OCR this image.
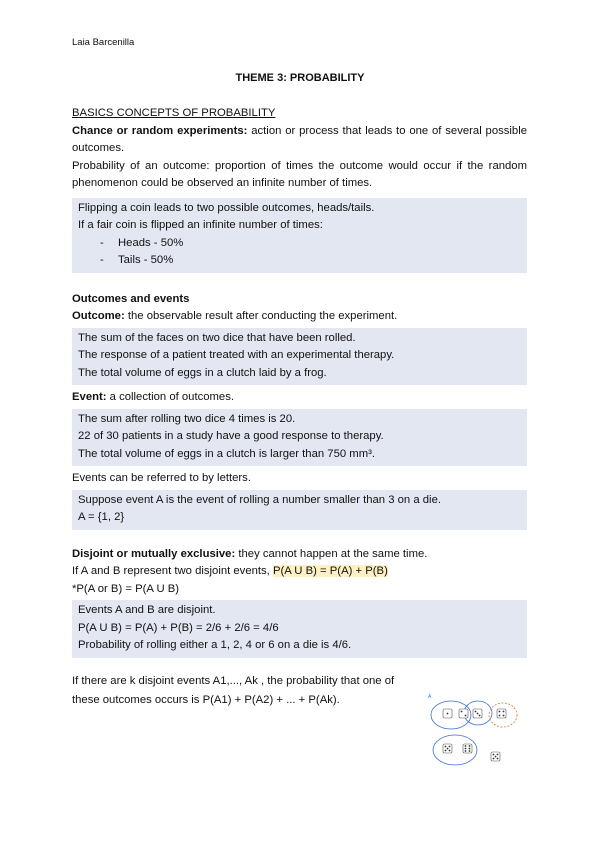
Laia Barcenilla
THEME 3: PROBABILITY

BASICS CONCEPTS OF PROBABILITY

Chance or random experiments: action or process that leads to one of several possible outcomes.

Probability of an outcome: proportion of times the outcome would occur if the random phenomenon could be observed an infinite number of times.

Flipping a coin leads to two possible outcomes, heads/tails.

If a fair coin is flipped an infinite number of times:

- Heads - 50%
- Tails - 50%

Outcomes and events

Outcome: the observable result after conducting the experiment.

The sum of the faces on two dice that have been rolled.

The response of a patient treated with an experimental therapy.

The total volume of eggs in a clutch laid by a frog.

Event: a collection of outcomes.

The sum after rolling two dice 4 times is 20.

22 of 30 patients in a study have a good response to therapy.

The total volume of eggs in a clutch is larger than 750 mm³.

Events can be referred to by letters.

Suppose event A is the event of rolling a number smaller than 3 on a die.

A = {1, 2}

Disjoint or mutually exclusive: they cannot happen at the same time.

If A and B represent two disjoint events, P(A U B) = P(A) + P(B)

*P(A or B) = P(A U B)

Events A and B are disjoint.

P(A U B) = P(A) + P(B) = 2/6 + 2/6 = 4/6

Probability of rolling either a 1, 2, 4 or 6 on a die is 4/6.

If there are k disjoint events A1,..., Ak , the probability that one of these outcomes occurs is P(A1) + P(A2) + ... + P(Ak).	A
